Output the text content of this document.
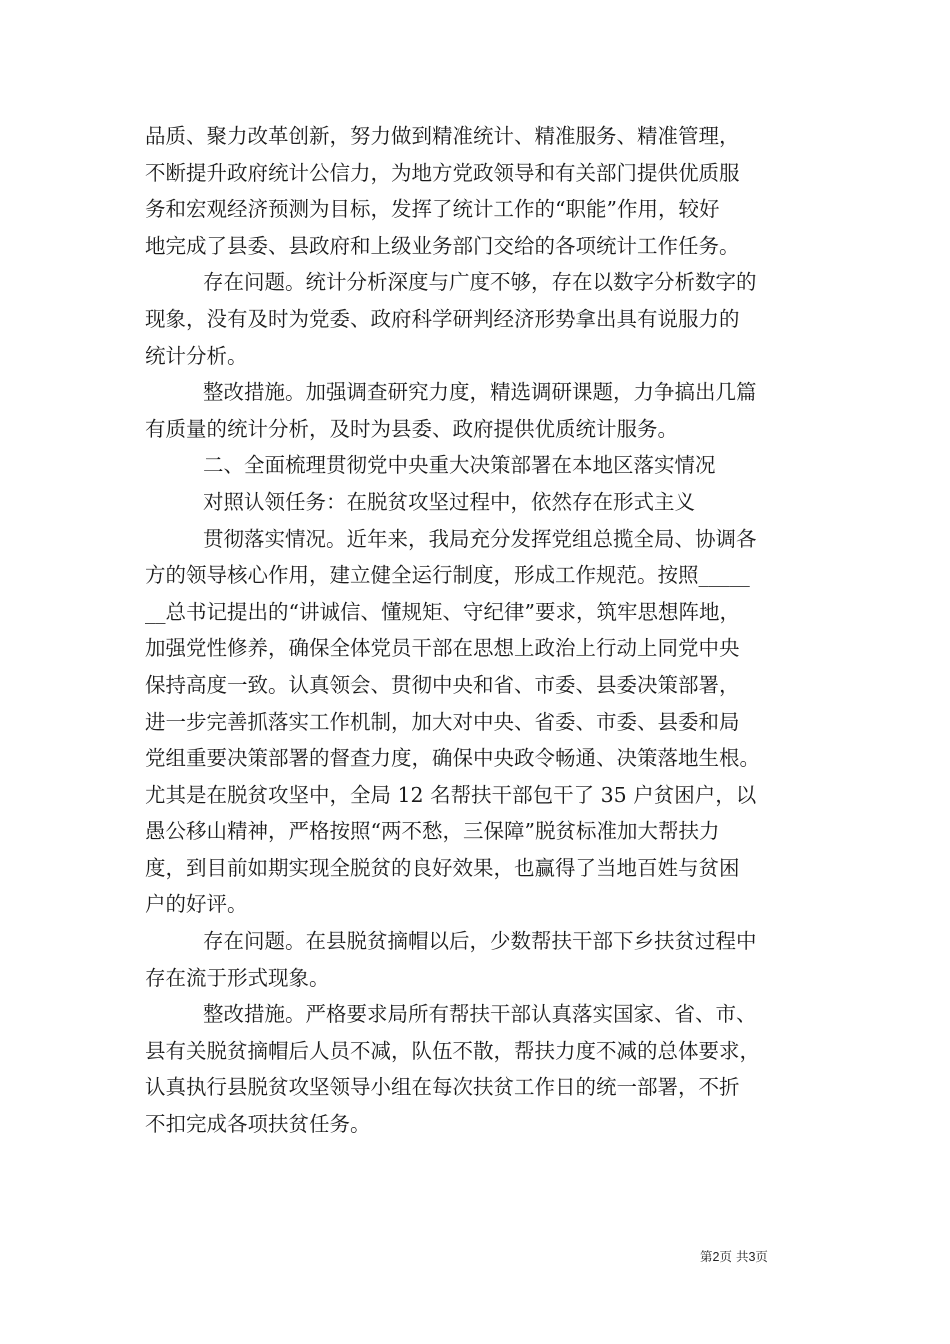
品质、聚力改革创新，努力做到精准统计、精准服务、精准管理，
不断提升政府统计公信力，为地方党政领导和有关部门提供优质服
务和宏观经济预测为目标，发挥了统计工作的“职能”作用，较好
地完成了县委、县政府和上级业务部门交给的各项统计工作任务。
存在问题。统计分析深度与广度不够，存在以数字分析数字的
现象，没有及时为党委、政府科学研判经济形势拿出具有说服力的
统计分析。
整改措施。加强调查研究力度，精选调研课题，力争搞出几篇
有质量的统计分析，及时为县委、政府提供优质统计服务。
二、全面梳理贯彻党中央重大决策部署在本地区落实情况
对照认领任务：在脱贫攻坚过程中，依然存在形式主义
贯彻落实情况。近年来，我局充分发挥党组总揽全局、协调各
方的领导核心作用，建立健全运行制度，形成工作规范。按照_____
__总书记提出的“讲诚信、懂规矩、守纪律”要求，筑牢思想阵地，
加强党性修养，确保全体党员干部在思想上政治上行动上同党中央
保持高度一致。认真领会、贯彻中央和省、市委、县委决策部署，
进一步完善抓落实工作机制，加大对中央、省委、市委、县委和局
党组重要决策部署的督查力度，确保中央政令畅通、决策落地生根。
尤其是在脱贫攻坚中，全局 12 名帮扶干部包干了 35 户贫困户，以
愚公移山精神，严格按照“两不愁，三保障”脱贫标准加大帮扶力
度，到目前如期实现全脱贫的良好效果，也赢得了当地百姓与贫困
户的好评。
存在问题。在县脱贫摘帽以后，少数帮扶干部下乡扶贫过程中
存在流于形式现象。
整改措施。严格要求局所有帮扶干部认真落实国家、省、市、
县有关脱贫摘帽后人员不减，队伍不散，帮扶力度不减的总体要求，
认真执行县脱贫攻坚领导小组在每次扶贫工作日的统一部署，不折
不扣完成各项扶贫任务。
第2页 共3页
